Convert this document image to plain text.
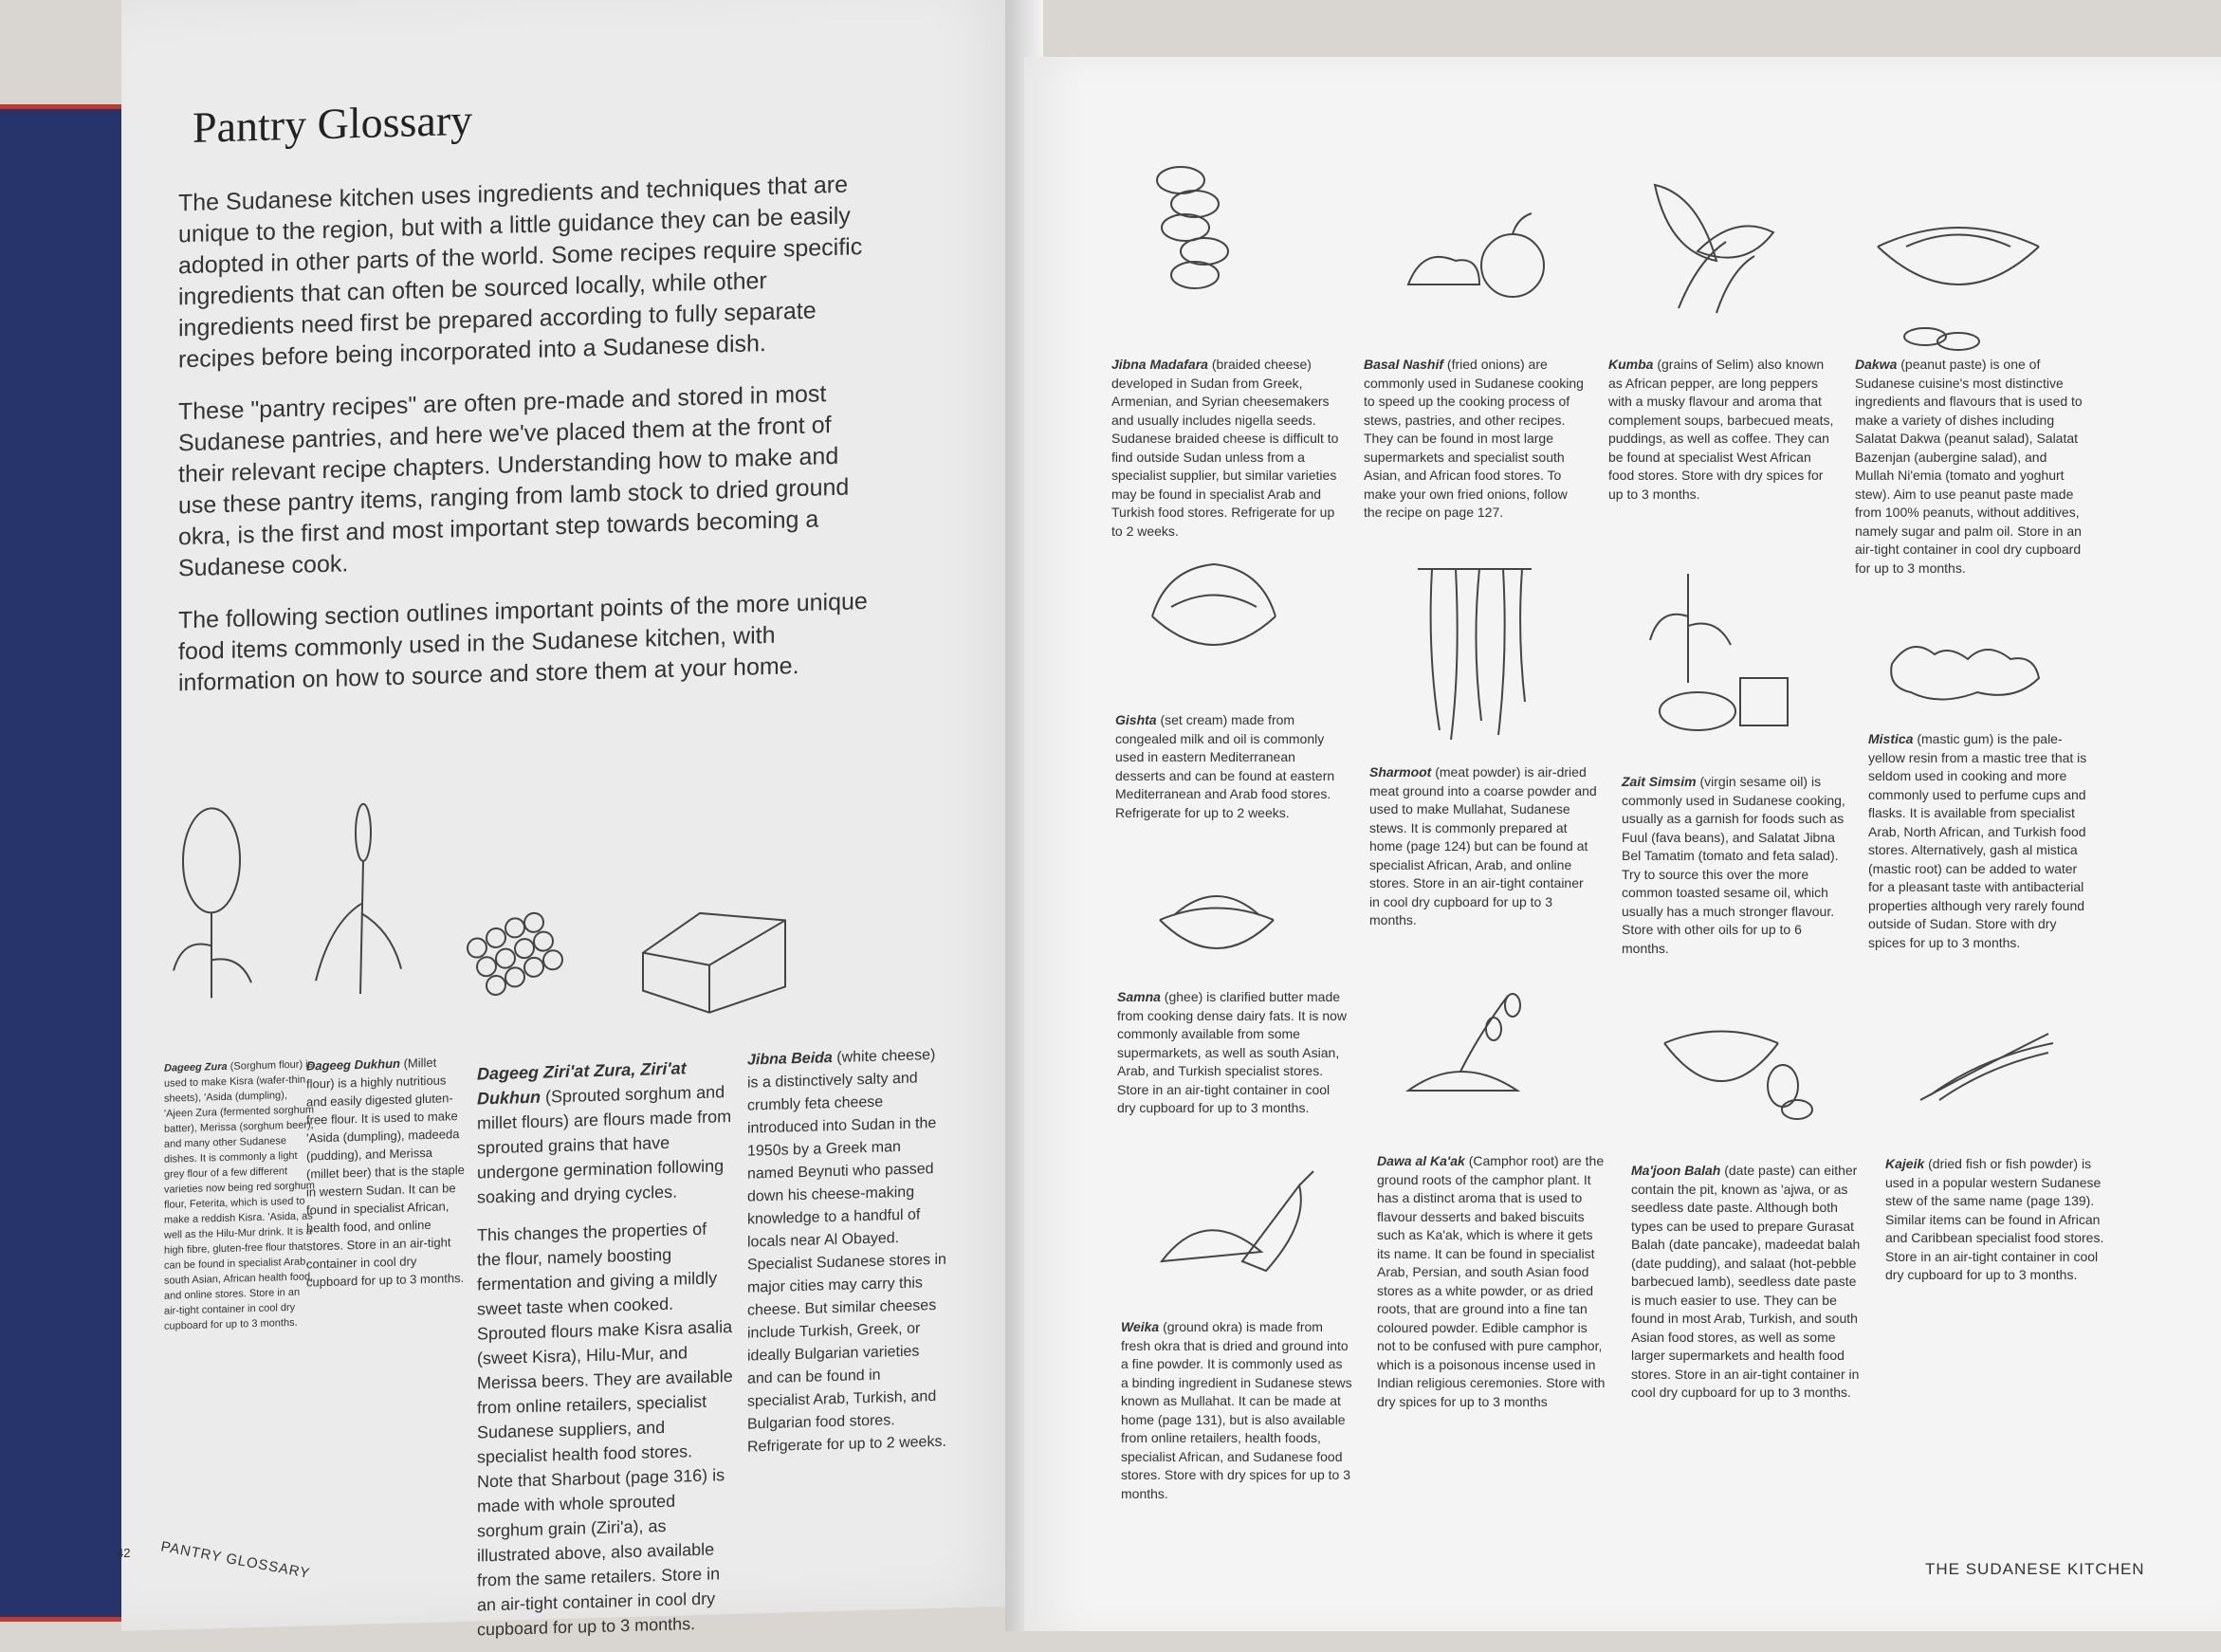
Pantry Glossary

The Sudanese kitchen uses ingredients and techniques that are unique to the region, but with a little guidance they can be easily adopted in other parts of the world. Some recipes require specific ingredients that can often be sourced locally, while other ingredients need first be prepared according to fully separate recipes before being incorporated into a Sudanese dish.

These "pantry recipes" are often pre-made and stored in most Sudanese pantries, and here we've placed them at the front of their relevant recipe chapters. Understanding how to make and use these pantry items, ranging from lamb stock to dried ground okra, is the first and most important step towards becoming a Sudanese cook.

The following section outlines important points of the more unique food items commonly used in the Sudanese kitchen, with information on how to source and store them at your home.

Dageeg Zura (Sorghum flour) is used to make Kisra (wafer-thin sheets), 'Asida (dumpling), 'Ajeen Zura (fermented sorghum batter), Merissa (sorghum beer), and many other Sudanese dishes. It is commonly a light grey flour of a few different varieties now being red sorghum flour, Feterita, which is used to make a reddish Kisra. 'Asida, as well as the Hilu-Mur drink. It is a high fibre, gluten-free flour that can be found in specialist Arab, south Asian, African health food, and online stores. Store in an air-tight container in cool dry cupboard for up to 3 months.
Dageeg Dukhun (Millet flour) is a highly nutritious and easily digested gluten-free flour. It is used to make 'Asida (dumpling), madeeda (pudding), and Merissa (millet beer) that is the staple in western Sudan. It can be found in specialist African, health food, and online stores. Store in an air-tight container in cool dry cupboard for up to 3 months.
Dageeg Ziri'at Zura, Ziri'at Dukhun (Sprouted sorghum and millet flours) are flours made from sprouted grains that have undergone germination following soaking and drying cycles.
This changes the properties of the flour, namely boosting fermentation and giving a mildly sweet taste when cooked. Sprouted flours make Kisra asalia (sweet Kisra), Hilu-Mur, and Merissa beers. They are available from online retailers, specialist Sudanese suppliers, and specialist health food stores. Note that Sharbout (page 316) is made with whole sprouted sorghum grain (Ziri'a), as illustrated above, also available from the same retailers. Store in an air-tight container in cool dry cupboard for up to 3 months.
Jibna Beida (white cheese) is a distinctively salty and crumbly feta cheese introduced into Sudan in the 1950s by a Greek man named Beynuti who passed down his cheese-making knowledge to a handful of locals near Al Obayed. Specialist Sudanese stores in major cities may carry this cheese. But similar cheeses include Turkish, Greek, or ideally Bulgarian varieties and can be found in specialist Arab, Turkish, and Bulgarian food stores. Refrigerate for up to 2 weeks.
42 PANTRY GLOSSARY
Jibna Madafara (braided cheese) developed in Sudan from Greek, Armenian, and Syrian cheesemakers and usually includes nigella seeds. Sudanese braided cheese is difficult to find outside Sudan unless from a specialist supplier, but similar varieties may be found in specialist Arab and Turkish food stores. Refrigerate for up to 2 weeks.
Basal Nashif (fried onions) are commonly used in Sudanese cooking to speed up the cooking process of stews, pastries, and other recipes. They can be found in most large supermarkets and specialist south Asian, and African food stores. To make your own fried onions, follow the recipe on page 127.
Kumba (grains of Selim) also known as African pepper, are long peppers with a musky flavour and aroma that complement soups, barbecued meats, puddings, as well as coffee. They can be found at specialist West African food stores. Store with dry spices for up to 3 months.
Dakwa (peanut paste) is one of Sudanese cuisine's most distinctive ingredients and flavours that is used to make a variety of dishes including Salatat Dakwa (peanut salad), Salatat Bazenjan (aubergine salad), and Mullah Ni'emia (tomato and yoghurt stew). Aim to use peanut paste made from 100% peanuts, without additives, namely sugar and palm oil. Store in an air-tight container in cool dry cupboard for up to 3 months.
Gishta (set cream) made from congealed milk and oil is commonly used in eastern Mediterranean desserts and can be found at eastern Mediterranean and Arab food stores. Refrigerate for up to 2 weeks.
Sharmoot (meat powder) is air-dried meat ground into a coarse powder and used to make Mullahat, Sudanese stews. It is commonly prepared at home (page 124) but can be found at specialist African, Arab, and online stores. Store in an air-tight container in cool dry cupboard for up to 3 months.
Zait Simsim (virgin sesame oil) is commonly used in Sudanese cooking, usually as a garnish for foods such as Fuul (fava beans), and Salatat Jibna Bel Tamatim (tomato and feta salad). Try to source this over the more common toasted sesame oil, which usually has a much stronger flavour. Store with other oils for up to 6 months.
Mistica (mastic gum) is the pale-yellow resin from a mastic tree that is seldom used in cooking and more commonly used to perfume cups and flasks. It is available from specialist Arab, North African, and Turkish food stores. Alternatively, gash al mistica (mastic root) can be added to water for a pleasant taste with antibacterial properties although very rarely found outside of Sudan. Store with dry spices for up to 3 months.
Samna (ghee) is clarified butter made from cooking dense dairy fats. It is now commonly available from some supermarkets, as well as south Asian, Arab, and Turkish specialist stores. Store in an air-tight container in cool dry cupboard for up to 3 months.
Dawa al Ka'ak (Camphor root) are the ground roots of the camphor plant. It has a distinct aroma that is used to flavour desserts and baked biscuits such as Ka'ak, which is where it gets its name. It can be found in specialist Arab, Persian, and south Asian food stores as a white powder, or as dried roots, that are ground into a fine tan coloured powder. Edible camphor is not to be confused with pure camphor, which is a poisonous incense used in Indian religious ceremonies. Store with dry spices for up to 3 months
Ma'joon Balah (date paste) can either contain the pit, known as 'ajwa, or as seedless date paste. Although both types can be used to prepare Gurasat Balah (date pancake), madeedat balah (date pudding), and salaat (hot-pebble barbecued lamb), seedless date paste is much easier to use. They can be found in most Arab, Turkish, and south Asian food stores, as well as some larger supermarkets and health food stores. Store in an air-tight container in cool dry cupboard for up to 3 months.
Kajeik (dried fish or fish powder) is used in a popular western Sudanese stew of the same name (page 139). Similar items can be found in African and Caribbean specialist food stores. Store in an air-tight container in cool dry cupboard for up to 3 months.
Weika (ground okra) is made from fresh okra that is dried and ground into a fine powder. It is commonly used as a binding ingredient in Sudanese stews known as Mullahat. It can be made at home (page 131), but is also available from online retailers, health foods, specialist African, and Sudanese food stores. Store with dry spices for up to 3 months.
THE SUDANESE KITCHEN
